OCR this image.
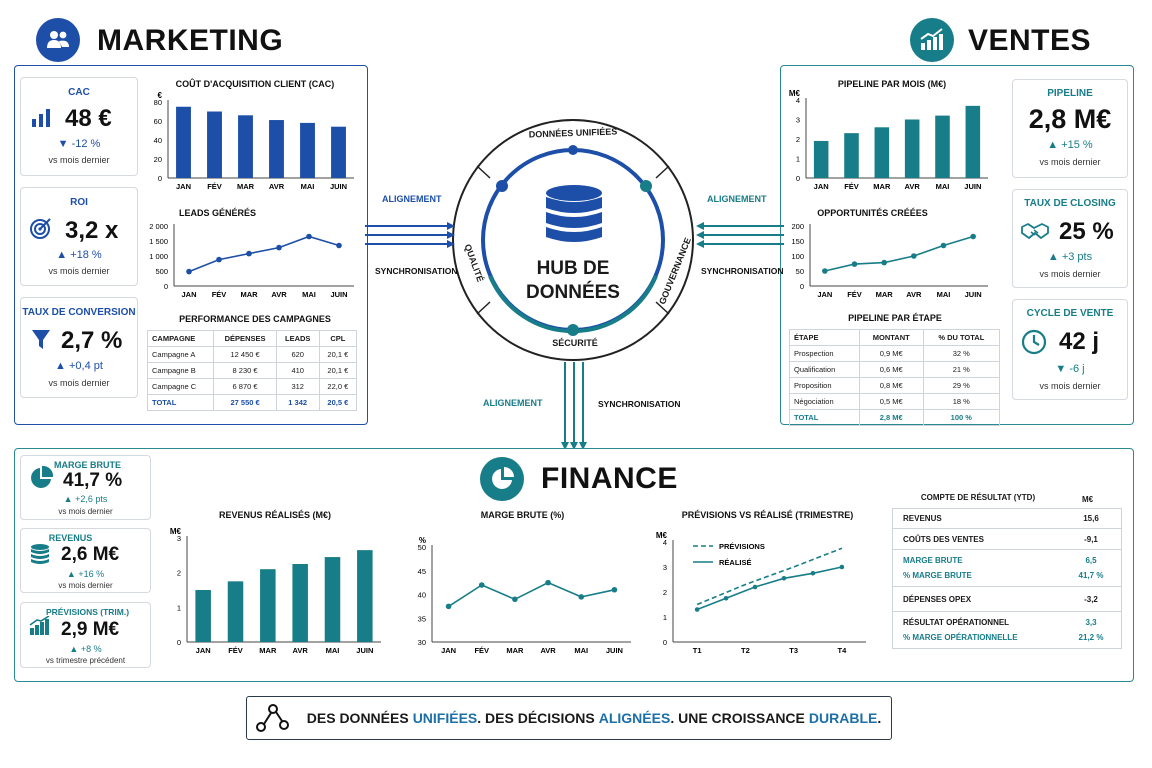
MARKETING
CAC
48 €
▼ -12 %
vs mois dernier
ROI
3,2 x
▲ +18 %
vs mois dernier
TAUX DE CONVERSION
2,7 %
▲ +0,4 pt
vs mois dernier
COÛT D'ACQUISITION CLIENT (CAC)
€
0
20
40
60
80
JAN FÉV MAR AVR MAI JUIN
LEADS GÉNÉRÉS
0
500
1 000
1 500
2 000
JAN FÉV MAR AVR MAI JUIN
PERFORMANCE DES CAMPAGNES
CAMPAGNE	DÉPENSES	LEADS	CPL
Campagne A	12 450 €	620	20,1 €
Campagne B	8 230 €	410	20,1 €
Campagne C	6 870 €	312	22,0 €
TOTAL	27 550 €	1 342	20,5 €
VENTES
PIPELINE PAR MOIS (M€)
M€
0
1
2
3
4
JAN FÉV MAR AVR MAI JUIN
OPPORTUNITÉS CRÉÉES
0
50
100
150
200
JAN FÉV MAR AVR MAI JUIN
PIPELINE PAR ÉTAPE
ÉTAPE	MONTANT	% DU TOTAL
Prospection	0,9 M€	32 %
Qualification	0,6 M€	21 %
Proposition	0,8 M€	29 %
Négociation	0,5 M€	18 %
TOTAL	2,8 M€	100 %
PIPELINE
2,8 M€
▲ +15 %
vs mois dernier
TAUX DE CLOSING
25 %
▲ +3 pts
vs mois dernier
CYCLE DE VENTE
42 j
▼ -6 j
vs mois dernier
DONNÉES UNIFIÉES
QUALITÉ	GOUVERNANCE
SÉCURITÉ
HUB DE
DONNÉES
ALIGNEMENT
SYNCHRONISATION
ALIGNEMENT
SYNCHRONISATION
ALIGNEMENT	SYNCHRONISATION
FINANCE
MARGE BRUTE
41,7 %
▲ +2,6 pts
vs mois dernier
REVENUS
2,6 M€
▲ +16 %
vs mois dernier
PRÉVISIONS (TRIM.)
2,9 M€
▲ +8 %
vs trimestre précédent
REVENUS RÉALISÉS (M€)
M€
0
1
2
3
JAN FÉV MAR AVR MAI JUIN
MARGE BRUTE (%)
%
30
35
40
45
50
JAN FÉV MAR AVR MAI JUIN
PRÉVISIONS VS RÉALISÉ (TRIMESTRE)
M€
0
1
2
3
4
T1	T2	T3	T4
PRÉVISIONS
RÉALISÉ
COMPTE DE RÉSULTAT (YTD)	M€
REVENUS	15,6
COÛTS DES VENTES	-9,1
MARGE BRUTE	6,5
% MARGE BRUTE	41,7 %
DÉPENSES OPEX	-3,2
RÉSULTAT OPÉRATIONNEL	3,3
% MARGE OPÉRATIONNELLE	21,2 %
DES DONNÉES UNIFIÉES . DES DÉCISIONS ALIGNÉES . UNE CROISSANCE DURABLE .
